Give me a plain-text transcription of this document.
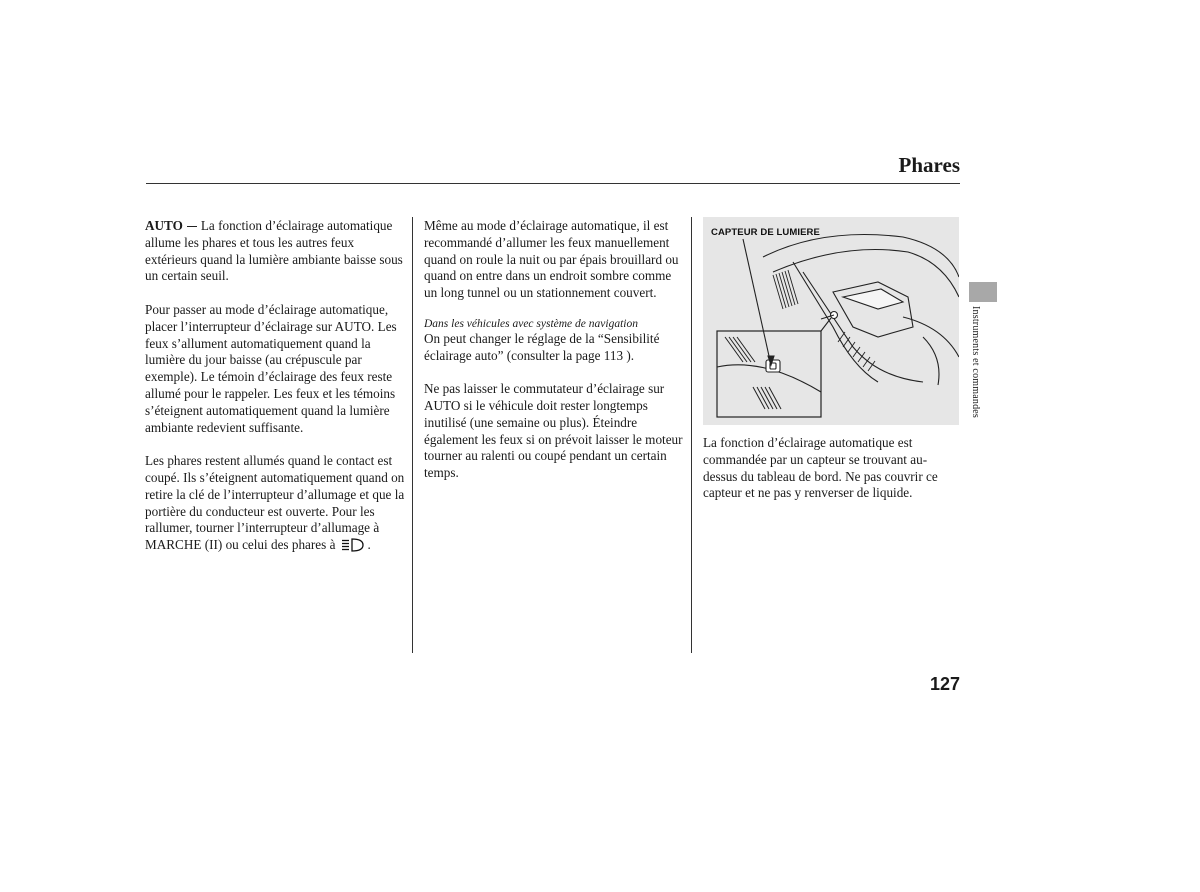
Phares

AUTO La fonction d’éclairage automatique allume les phares et tous les autres feux extérieurs quand la lumière ambiante baisse sous un certain seuil.

Pour passer au mode d’éclairage automatique, placer l’interrupteur d’éclairage sur AUTO. Les feux s’allument automatiquement quand la lumière du jour baisse (au crépuscule par exemple). Le témoin d’éclairage des feux reste allumé pour le rappeler. Les feux et les témoins s’éteignent automatiquement quand la lumière ambiante redevient suffisante.

Les phares restent allumés quand le contact est coupé. Ils s’éteignent automatiquement quand on retire la clé de l’interrupteur d’allumage et que la portière du conducteur est ouverte. Pour les rallumer, tourner l’interrupteur d’allumage à MARCHE (II) ou celui des phares à .

Même au mode d’éclairage automatique, il est recommandé d’allumer les feux manuellement quand on roule la nuit ou par épais brouillard ou quand on entre dans un endroit sombre comme un long tunnel ou un stationnement couvert.

Dans les véhicules avec système de navigation

On peut changer le réglage de la “Sensibilité éclairage auto” (consulter la page 113 ).

Ne pas laisser le commutateur d’éclairage sur AUTO si le véhicule doit rester longtemps inutilisé (une semaine ou plus). Éteindre également les feux si on prévoit laisser le moteur tourner au ralenti ou coupé pendant un certain temps.

CAPTEUR DE LUMIERE

La fonction d’éclairage automatique est commandée par un capteur se trouvant au-dessus du tableau de bord. Ne pas couvrir ce capteur et ne pas y renverser de liquide.

Instruments et commandes
127
